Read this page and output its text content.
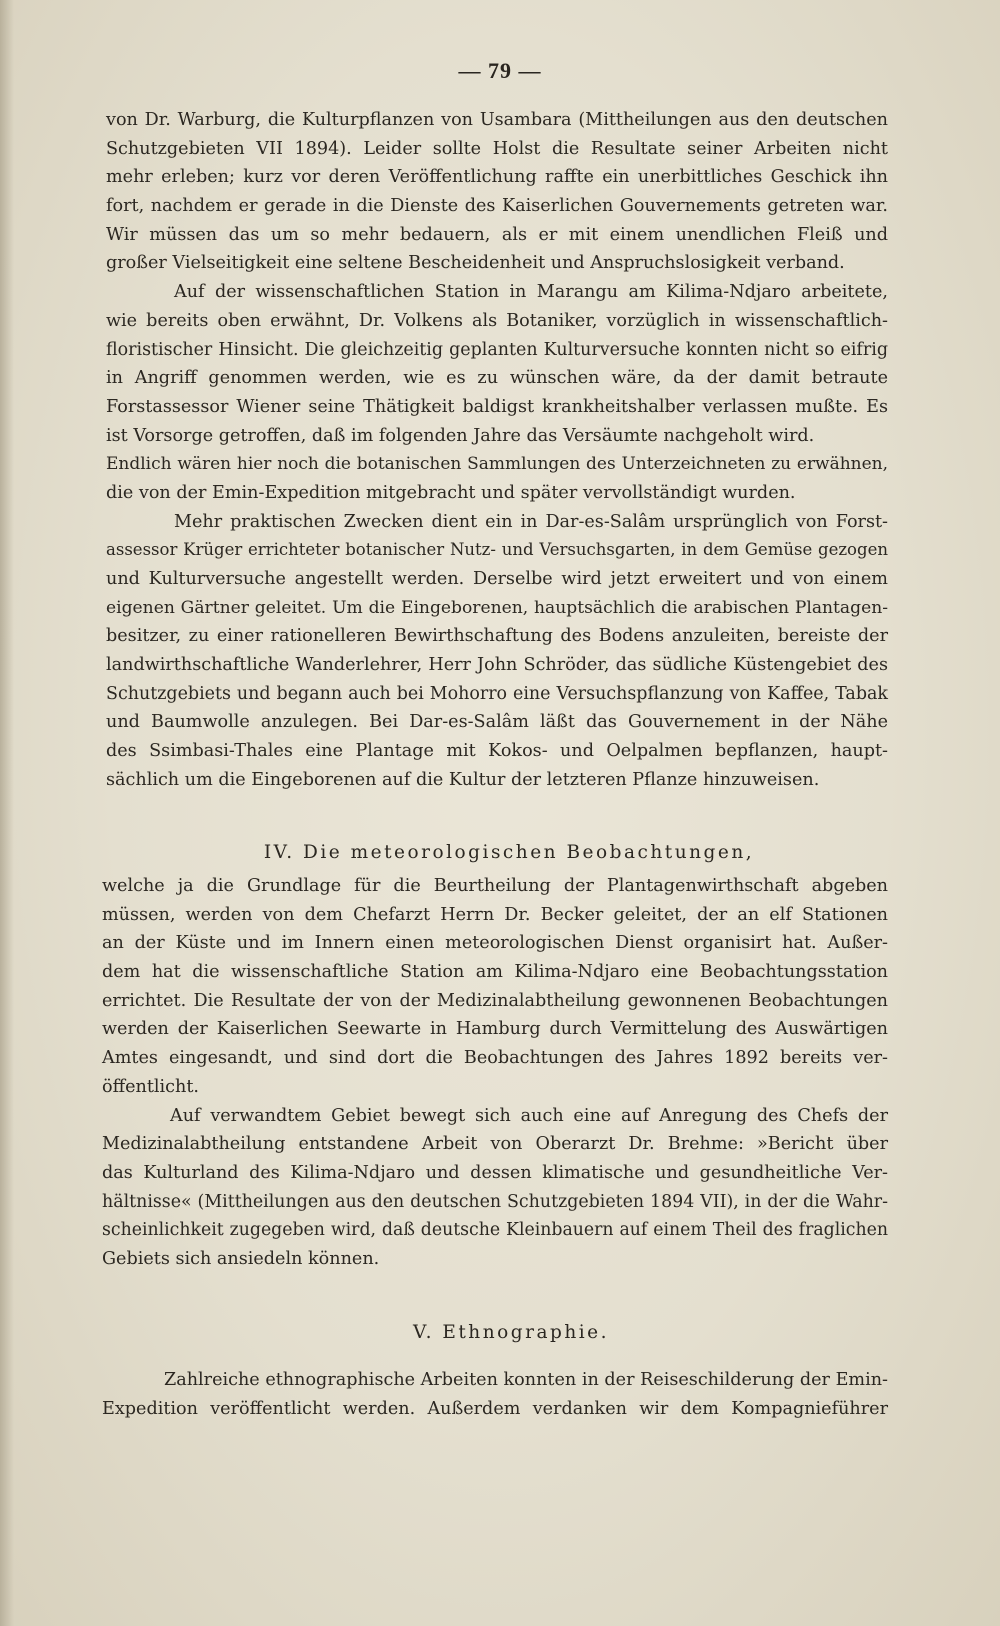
— 79 —
von Dr. Warburg, die Kulturpflanzen von Usambara (Mittheilungen aus den deutschen
Schutzgebieten VII 1894). Leider sollte Holst die Resultate seiner Arbeiten nicht
mehr erleben; kurz vor deren Veröffentlichung raffte ein unerbittliches Geschick ihn
fort, nachdem er gerade in die Dienste des Kaiserlichen Gouvernements getreten war.
Wir müssen das um so mehr bedauern, als er mit einem unendlichen Fleiß und
großer Vielseitigkeit eine seltene Bescheidenheit und Anspruchslosigkeit verband.
Auf der wissenschaftlichen Station in Marangu am Kilima-Ndjaro arbeitete,
wie bereits oben erwähnt, Dr. Volkens als Botaniker, vorzüglich in wissenschaftlich-
floristischer Hinsicht. Die gleichzeitig geplanten Kulturversuche konnten nicht so eifrig
in Angriff genommen werden, wie es zu wünschen wäre, da der damit betraute
Forstassessor Wiener seine Thätigkeit baldigst krankheitshalber verlassen mußte. Es
ist Vorsorge getroffen, daß im folgenden Jahre das Versäumte nachgeholt wird.
Endlich wären hier noch die botanischen Sammlungen des Unterzeichneten zu erwähnen,
die von der Emin-Expedition mitgebracht und später vervollständigt wurden.
Mehr praktischen Zwecken dient ein in Dar-es-Salâm ursprünglich von Forst-
assessor Krüger errichteter botanischer Nutz- und Versuchsgarten, in dem Gemüse gezogen
und Kulturversuche angestellt werden. Derselbe wird jetzt erweitert und von einem
eigenen Gärtner geleitet. Um die Eingeborenen, hauptsächlich die arabischen Plantagen-
besitzer, zu einer rationelleren Bewirthschaftung des Bodens anzuleiten, bereiste der
landwirthschaftliche Wanderlehrer, Herr John Schröder, das südliche Küstengebiet des
Schutzgebiets und begann auch bei Mohorro eine Versuchspflanzung von Kaffee, Tabak
und Baumwolle anzulegen. Bei Dar-es-Salâm läßt das Gouvernement in der Nähe
des Ssimbasi-Thales eine Plantage mit Kokos- und Oelpalmen bepflanzen, haupt-
sächlich um die Eingeborenen auf die Kultur der letzteren Pflanze hinzuweisen.
IV. Die meteorologischen Beobachtungen,
welche ja die Grundlage für die Beurtheilung der Plantagenwirthschaft abgeben
müssen, werden von dem Chefarzt Herrn Dr. Becker geleitet, der an elf Stationen
an der Küste und im Innern einen meteorologischen Dienst organisirt hat. Außer-
dem hat die wissenschaftliche Station am Kilima-Ndjaro eine Beobachtungsstation
errichtet. Die Resultate der von der Medizinalabtheilung gewonnenen Beobachtungen
werden der Kaiserlichen Seewarte in Hamburg durch Vermittelung des Auswärtigen
Amtes eingesandt, und sind dort die Beobachtungen des Jahres 1892 bereits ver-
öffentlicht.
Auf verwandtem Gebiet bewegt sich auch eine auf Anregung des Chefs der
Medizinalabtheilung entstandene Arbeit von Oberarzt Dr. Brehme: »Bericht über
das Kulturland des Kilima-Ndjaro und dessen klimatische und gesundheitliche Ver-
hältnisse« (Mittheilungen aus den deutschen Schutzgebieten 1894 VII), in der die Wahr-
scheinlichkeit zugegeben wird, daß deutsche Kleinbauern auf einem Theil des fraglichen
Gebiets sich ansiedeln können.
V. Ethnographie.
Zahlreiche ethnographische Arbeiten konnten in der Reiseschilderung der Emin-
Expedition veröffentlicht werden. Außerdem verdanken wir dem Kompagnieführer
